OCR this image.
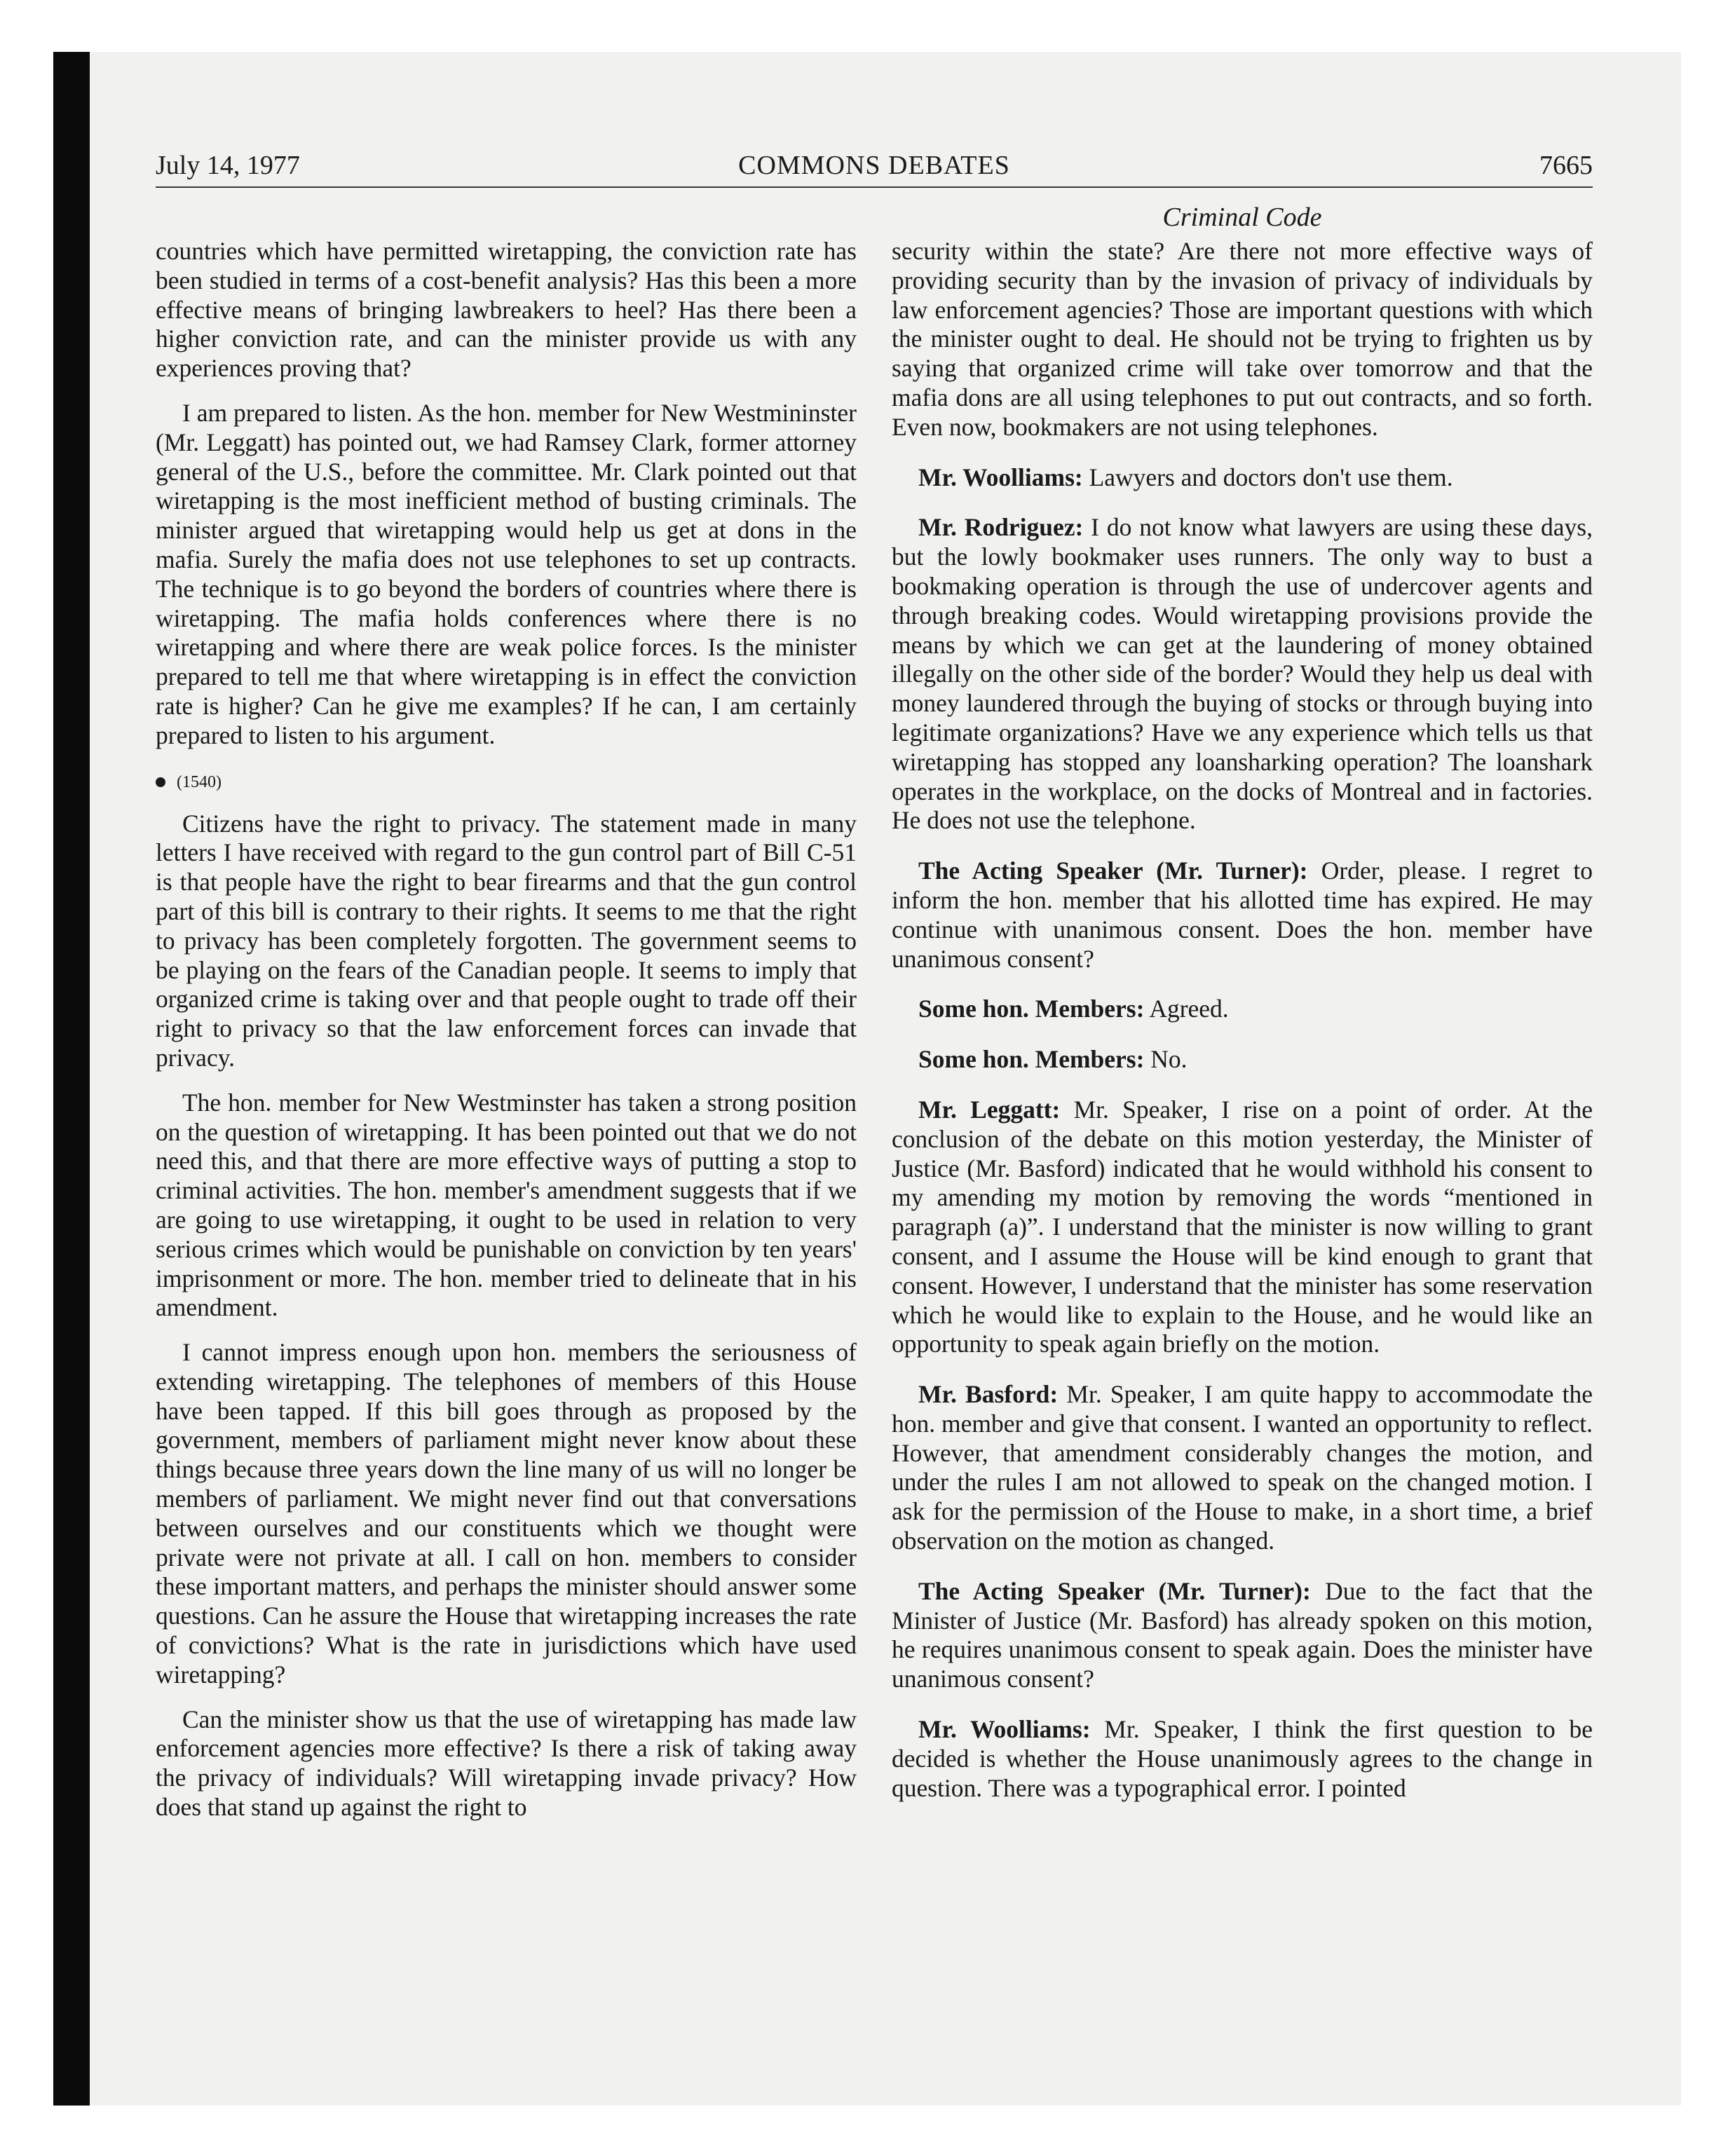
July 14, 1977	COMMONS DEBATES	7665
Criminal Code

countries which have permitted wiretapping, the conviction rate has been studied in terms of a cost-benefit analysis? Has this been a more effective means of bringing lawbreakers to heel? Has there been a higher conviction rate, and can the minister provide us with any experiences proving that?

I am prepared to listen. As the hon. member for New Westmininster (Mr. Leggatt) has pointed out, we had Ramsey Clark, former attorney general of the U.S., before the committee. Mr. Clark pointed out that wiretapping is the most inefficient method of busting criminals. The minister argued that wiretapping would help us get at dons in the mafia. Surely the mafia does not use telephones to set up contracts. The technique is to go beyond the borders of countries where there is wiretapping. The mafia holds conferences where there is no wiretapping and where there are weak police forces. Is the minister prepared to tell me that where wiretapping is in effect the conviction rate is higher? Can he give me examples? If he can, I am certainly prepared to listen to his argument.

(1540)

Citizens have the right to privacy. The statement made in many letters I have received with regard to the gun control part of Bill C-51 is that people have the right to bear firearms and that the gun control part of this bill is contrary to their rights. It seems to me that the right to privacy has been completely forgotten. The government seems to be playing on the fears of the Canadian people. It seems to imply that organized crime is taking over and that people ought to trade off their right to privacy so that the law enforcement forces can invade that privacy.

The hon. member for New Westminster has taken a strong position on the question of wiretapping. It has been pointed out that we do not need this, and that there are more effective ways of putting a stop to criminal activities. The hon. member's amendment suggests that if we are going to use wiretapping, it ought to be used in relation to very serious crimes which would be punishable on conviction by ten years' imprisonment or more. The hon. member tried to delineate that in his amendment.

I cannot impress enough upon hon. members the seriousness of extending wiretapping. The telephones of members of this House have been tapped. If this bill goes through as proposed by the government, members of parliament might never know about these things because three years down the line many of us will no longer be members of parliament. We might never find out that conversations between ourselves and our constituents which we thought were private were not private at all. I call on hon. members to consider these important matters, and perhaps the minister should answer some questions. Can he assure the House that wiretapping increases the rate of convictions? What is the rate in jurisdictions which have used wiretapping?

Can the minister show us that the use of wiretapping has made law enforcement agencies more effective? Is there a risk of taking away the privacy of individuals? Will wiretapping invade privacy? How does that stand up against the right to

security within the state? Are there not more effective ways of providing security than by the invasion of privacy of individuals by law enforcement agencies? Those are important questions with which the minister ought to deal. He should not be trying to frighten us by saying that organized crime will take over tomorrow and that the mafia dons are all using telephones to put out contracts, and so forth. Even now, bookmakers are not using telephones.

Mr. Woolliams: Lawyers and doctors don't use them.

Mr. Rodriguez: I do not know what lawyers are using these days, but the lowly bookmaker uses runners. The only way to bust a bookmaking operation is through the use of undercover agents and through breaking codes. Would wiretapping provisions provide the means by which we can get at the laundering of money obtained illegally on the other side of the border? Would they help us deal with money laundered through the buying of stocks or through buying into legitimate organizations? Have we any experience which tells us that wiretapping has stopped any loansharking operation? The loanshark operates in the workplace, on the docks of Montreal and in factories. He does not use the telephone.

The Acting Speaker (Mr. Turner): Order, please. I regret to inform the hon. member that his allotted time has expired. He may continue with unanimous consent. Does the hon. member have unanimous consent?

Some hon. Members: Agreed.

Some hon. Members: No.

Mr. Leggatt: Mr. Speaker, I rise on a point of order. At the conclusion of the debate on this motion yesterday, the Minister of Justice (Mr. Basford) indicated that he would withhold his consent to my amending my motion by removing the words “mentioned in paragraph (a)”. I understand that the minister is now willing to grant consent, and I assume the House will be kind enough to grant that consent. However, I understand that the minister has some reservation which he would like to explain to the House, and he would like an opportunity to speak again briefly on the motion.

Mr. Basford: Mr. Speaker, I am quite happy to accommodate the hon. member and give that consent. I wanted an opportunity to reflect. However, that amendment considerably changes the motion, and under the rules I am not allowed to speak on the changed motion. I ask for the permission of the House to make, in a short time, a brief observation on the motion as changed.

The Acting Speaker (Mr. Turner): Due to the fact that the Minister of Justice (Mr. Basford) has already spoken on this motion, he requires unanimous consent to speak again. Does the minister have unanimous consent?

Mr. Woolliams: Mr. Speaker, I think the first question to be decided is whether the House unanimously agrees to the change in question. There was a typographical error. I pointed
